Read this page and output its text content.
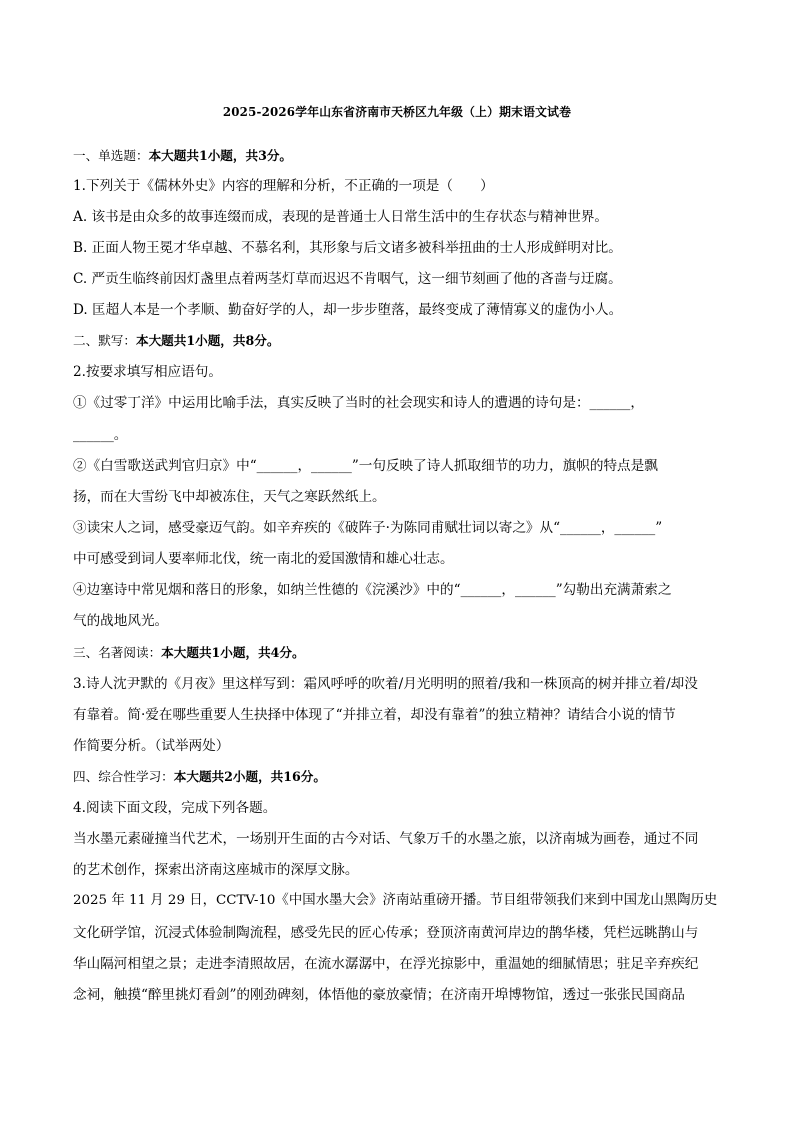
2025-2026学年山东省济南市天桥区九年级（上）期末语文试卷
一、单选题：本大题共1小题，共3分。
1.下列关于《儒林外史》内容的理解和分析，不正确的一项是（　　）
A. 该书是由众多的故事连缀而成，表现的是普通士人日常生活中的生存状态与精神世界。
B. 正面人物王冕才华卓越、不慕名利，其形象与后文诸多被科举扭曲的士人形成鲜明对比。
C. 严贡生临终前因灯盏里点着两茎灯草而迟迟不肯咽气，这一细节刻画了他的吝啬与迂腐。
D. 匡超人本是一个孝顺、勤奋好学的人，却一步步堕落，最终变成了薄情寡义的虚伪小人。
二、默写：本大题共1小题，共8分。
2.按要求填写相应语句。
①《过零丁洋》中运用比喻手法，真实反映了当时的社会现实和诗人的遭遇的诗句是：______，
______。
②《白雪歌送武判官归京》中“______，______”一句反映了诗人抓取细节的功力，旗帜的特点是飘
扬，而在大雪纷飞中却被冻住，天气之寒跃然纸上。
③读宋人之词，感受豪迈气韵。如辛弃疾的《破阵子·为陈同甫赋壮词以寄之》从“______，______”
中可感受到词人要率师北伐，统一南北的爱国激情和雄心壮志。
④边塞诗中常见烟和落日的形象，如纳兰性德的《浣溪沙》中的“______，______”勾勒出充满萧索之
气的战地风光。
三、名著阅读：本大题共1小题，共4分。
3.诗人沈尹默的《月夜》里这样写到：霜风呼呼的吹着/月光明明的照着/我和一株顶高的树并排立着/却没
有靠着。简·爱在哪些重要人生抉择中体现了“并排立着，却没有靠着”的独立精神？请结合小说的情节
作简要分析。（试举两处）
四、综合性学习：本大题共2小题，共16分。
4.阅读下面文段，完成下列各题。
当水墨元素碰撞当代艺术，一场别开生面的古今对话、气象万千的水墨之旅，以济南城为画卷，通过不同
的艺术创作，探索出济南这座城市的深厚文脉。
2025 年 11 月 29 日，CCTV-10《中国水墨大会》济南站重磅开播。节目组带领我们来到中国龙山黑陶历史
文化研学馆，沉浸式体验制陶流程，感受先民的匠心传承；登顶济南黄河岸边的鹊华楼，凭栏远眺鹊山与
华山隔河相望之景；走进李清照故居，在流水潺潺中，在浮光掠影中，重温她的细腻情思；驻足辛弃疾纪
念祠，触摸“醉里挑灯看剑”的刚劲碑刻，体悟他的豪放豪情；在济南开埠博物馆，透过一张张民国商品
